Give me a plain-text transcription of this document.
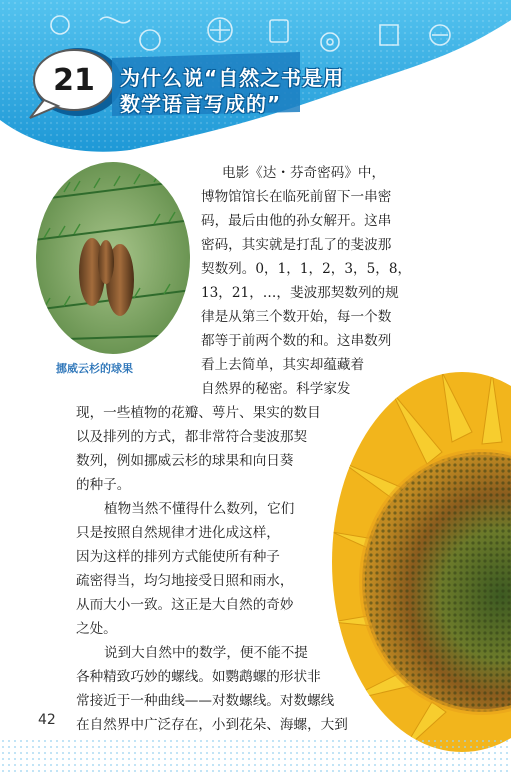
21	为什么说“自然之书是用
数学语言写成的”
挪威云杉的球果
电影《达・芬奇密码》中，
博物馆馆长在临死前留下一串密
码，最后由他的孙女解开。这串
密码，其实就是打乱了的斐波那
契数列。0，1，1，2，3，5，8，
13，21，…，斐波那契数列的规
律是从第三个数开始，每一个数
都等于前两个数的和。这串数列
看上去简单，其实却蕴藏着
自然界的秘密。科学家发
现，一些植物的花瓣、萼片、果实的数目
以及排列的方式，都非常符合斐波那契
数列，例如挪威云杉的球果和向日葵
的种子。
植物当然不懂得什么数列，它们
只是按照自然规律才进化成这样，
因为这样的排列方式能使所有种子
疏密得当，均匀地接受日照和雨水，
从而大小一致。这正是大自然的奇妙
之处。
说到大自然中的数学，便不能不提
各种精致巧妙的螺线。如鹦鹉螺的形状非
常接近于一种曲线——对数螺线。对数螺线
在自然界中广泛存在，小到花朵、海螺，大到
42
